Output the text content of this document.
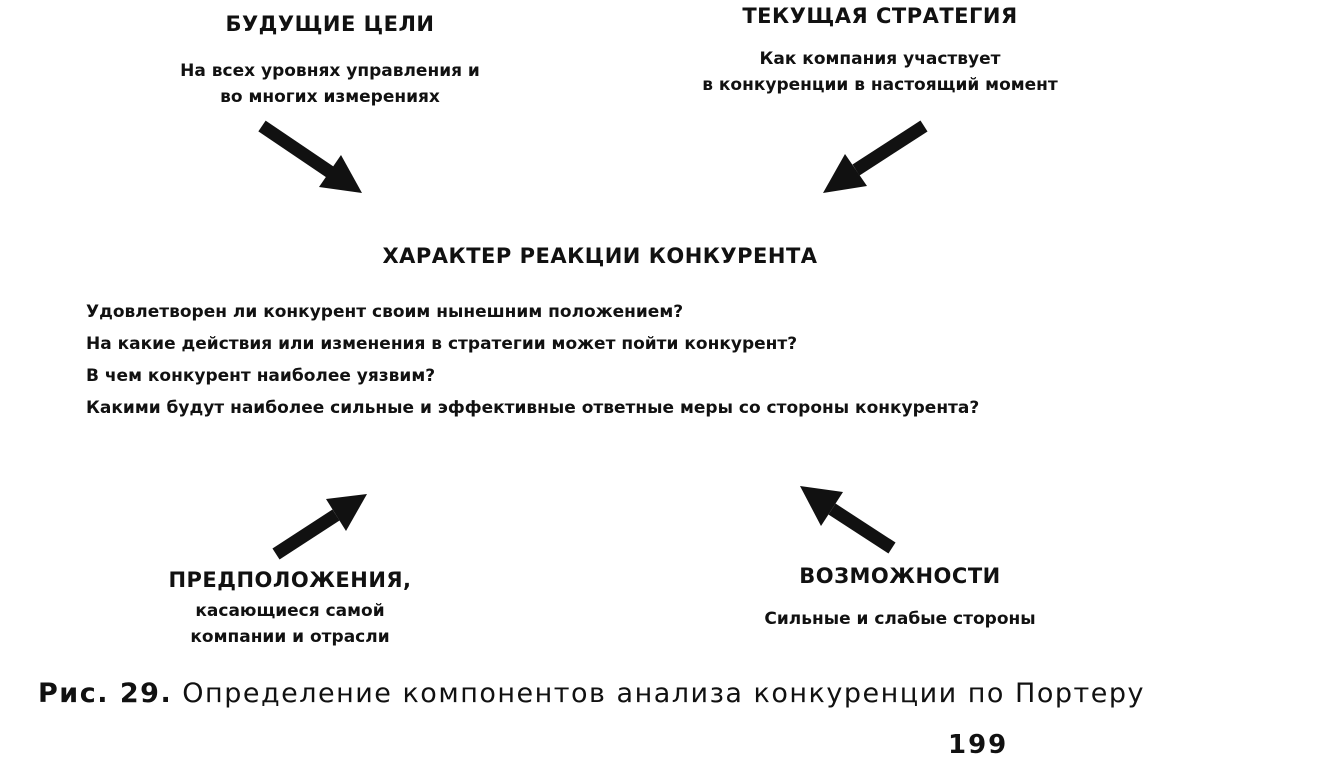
БУДУЩИЕ ЦЕЛИ
На всех уровнях управления и
во многих измерениях
ТЕКУЩАЯ СТРАТЕГИЯ
Как компания участвует
в конкуренции в настоящий момент
ХАРАКТЕР РЕАКЦИИ КОНКУРЕНТА
Удовлетворен ли конкурент своим нынешним положением?
На какие действия или изменения в стратегии может пойти конкурент?
В чем конкурент наиболее уязвим?
Какими будут наиболее сильные и эффективные ответные меры со стороны конкурента?
ПРЕДПОЛОЖЕНИЯ,
касающиеся самой
компании и отрасли
ВОЗМОЖНОСТИ
Сильные и слабые стороны
Рис. 29. Определение компонентов анализа конкуренции по Портеру
199
